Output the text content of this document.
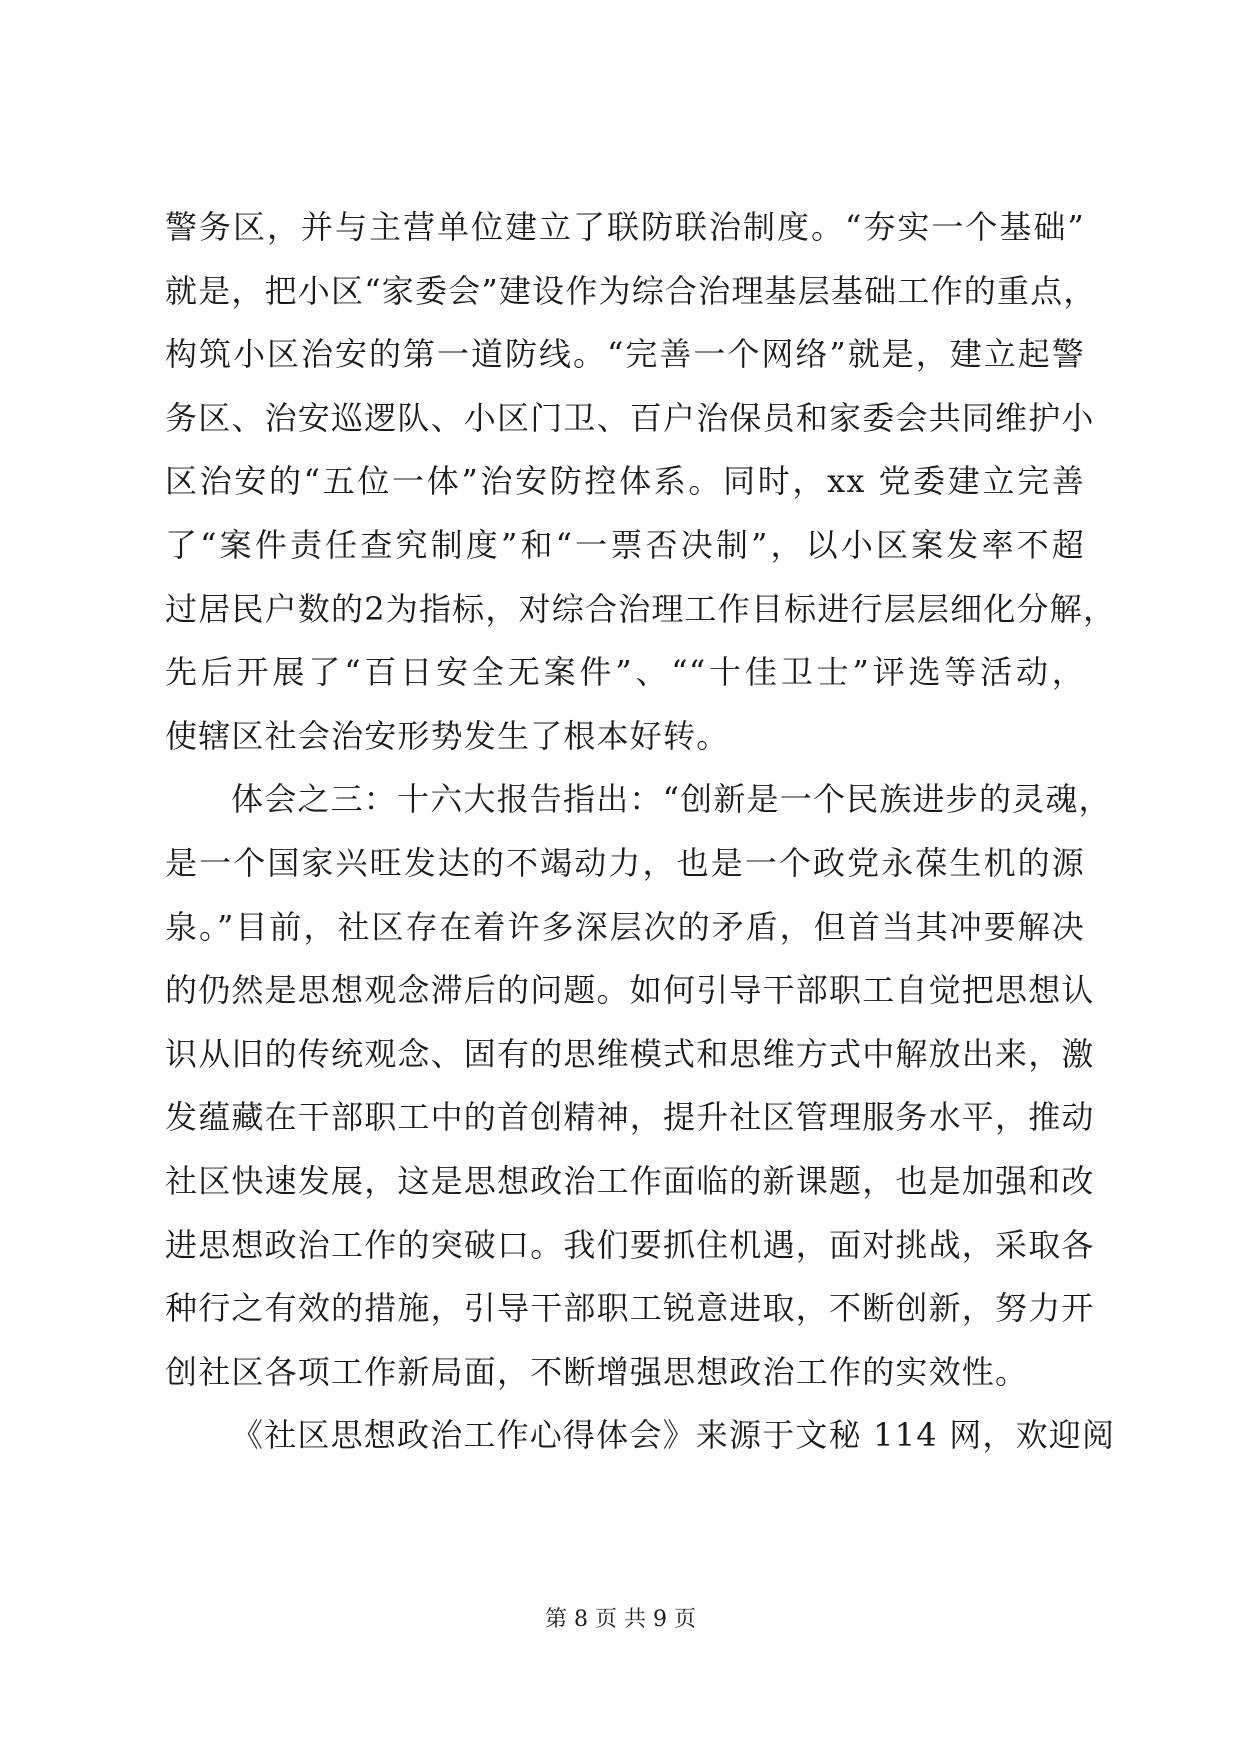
警务区，并与主营单位建立了联防联治制度。“夯实一个基础”
就是，把小区“家委会”建设作为综合治理基层基础工作的重点，
构筑小区治安的第一道防线。“完善一个网络”就是，建立起警
务区、治安巡逻队、小区门卫、百户治保员和家委会共同维护小
区治安的“五位一体”治安防控体系。同时，xx 党委建立完善
了“案件责任查究制度”和“一票否决制”，以小区案发率不超
过居民户数的2为指标，对综合治理工作目标进行层层细化分解，
先后开展了“百日安全无案件”、““十佳卫士”评选等活动，
使辖区社会治安形势发生了根本好转。
体会之三：十六大报告指出：“创新是一个民族进步的灵魂，
是一个国家兴旺发达的不竭动力，也是一个政党永葆生机的源
泉。”目前，社区存在着许多深层次的矛盾，但首当其冲要解决
的仍然是思想观念滞后的问题。如何引导干部职工自觉把思想认
识从旧的传统观念、固有的思维模式和思维方式中解放出来，激
发蕴藏在干部职工中的首创精神，提升社区管理服务水平，推动
社区快速发展，这是思想政治工作面临的新课题，也是加强和改
进思想政治工作的突破口。我们要抓住机遇，面对挑战，采取各
种行之有效的措施，引导干部职工锐意进取，不断创新，努力开
创社区各项工作新局面，不断增强思想政治工作的实效性。
《社区思想政治工作心得体会》来源于文秘 114 网，欢迎阅
第 8 页 共 9 页
